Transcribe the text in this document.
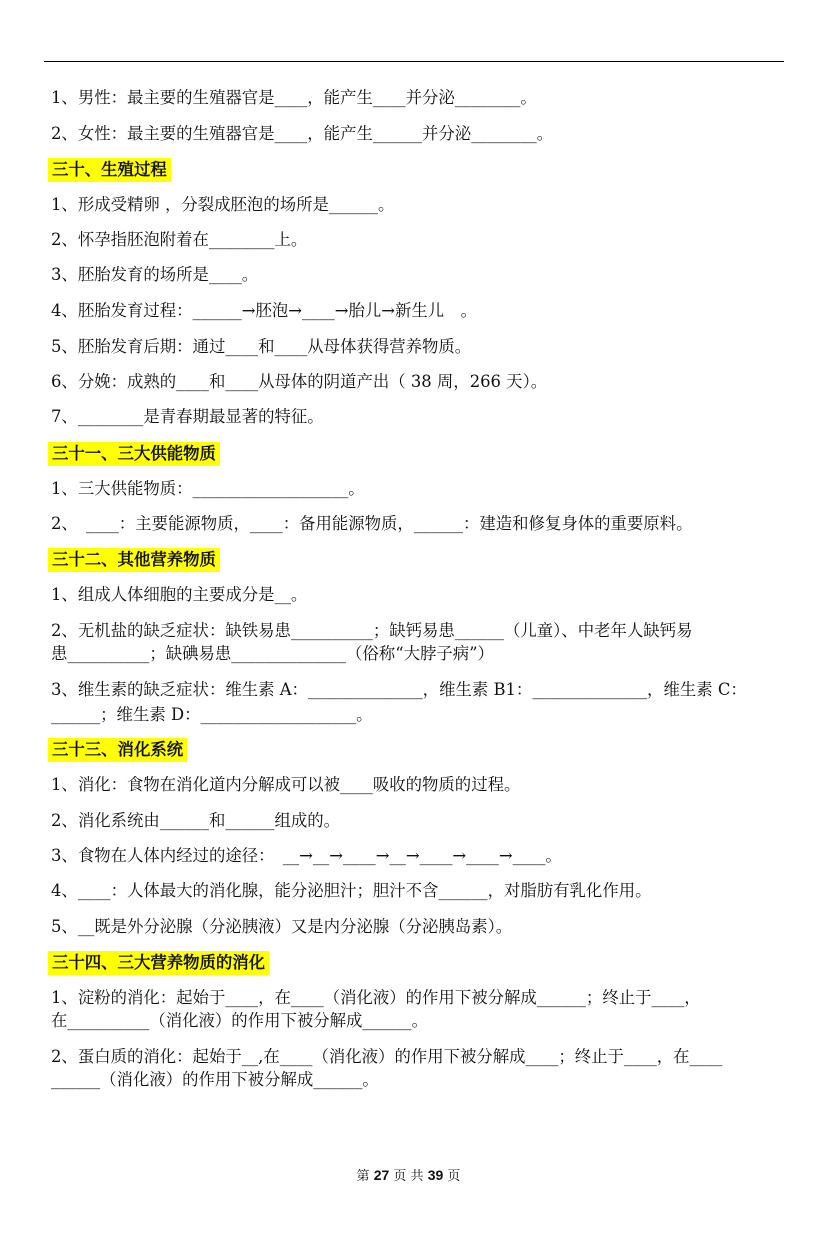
1、男性：最主要的生殖器官是____，能产生____并分泌________。
2、女性：最主要的生殖器官是____，能产生______并分泌________。
三十、生殖过程
1、形成受精卵 ，分裂成胚泡的场所是______。
2、怀孕指胚泡附着在________上。
3、胚胎发育的场所是____。
4、胚胎发育过程：______→胚泡→____→胎儿→新生儿　。
5、胚胎发育后期：通过____和____从母体获得营养物质。
6、分娩：成熟的____和____从母体的阴道产出（ 38 周，266 天）。
7、________是青春期最显著的特征。
三十一、三大供能物质
1、三大供能物质：___________________。
2、　____：主要能源物质，____：备用能源物质，______：建造和修复身体的重要原料。
三十二、其他营养物质
1、组成人体细胞的主要成分是__。
2、无机盐的缺乏症状：缺铁易患__________；缺钙易患______（儿童）、中老年人缺钙易
患__________；缺碘易患______________（俗称“大脖子病”）
3、维生素的缺乏症状：维生素 A：______________，维生素 B1：______________，维生素 C：
______；维生素 D：___________________。
三十三、消化系统
1、消化：食物在消化道内分解成可以被____吸收的物质的过程。
2、消化系统由______和______组成的。
3、食物在人体内经过的途径：　__→__→____→__→____→____→____。
4、____：人体最大的消化腺，能分泌胆汁；胆汁不含______，对脂肪有乳化作用。
5、__既是外分泌腺（分泌胰液）又是内分泌腺（分泌胰岛素）。
三十四、三大营养物质的消化
1、淀粉的消化：起始于____，在____（消化液）的作用下被分解成______；终止于____，
在__________（消化液）的作用下被分解成______。
2、蛋白质的消化：起始于__,在____（消化液）的作用下被分解成____；终止于____，在____
______（消化液）的作用下被分解成______。
第 27 页 共 39 页
